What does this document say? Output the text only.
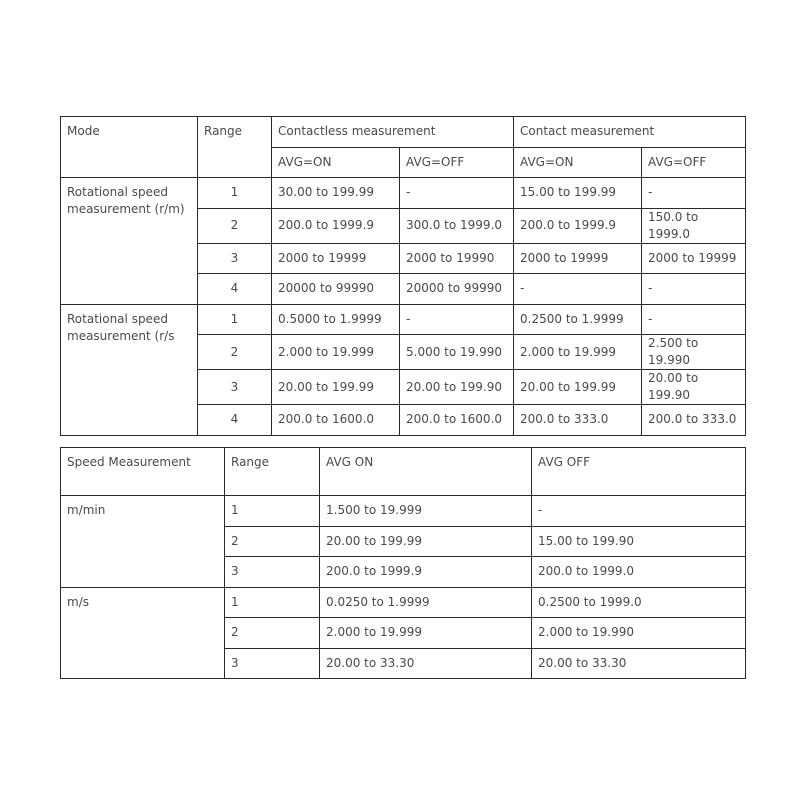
Mode	Range	Contactless measurement		Contact measurement	
		AVG=ON	AVG=OFF	AVG=ON	AVG=OFF
Rotational speed measurement (r/m)	1	30.00 to 199.99	-	15.00 to 199.99	-
	2	200.0 to 1999.9	300.0 to 1999.0	200.0 to 1999.9	150.0 to 1999.0
	3	2000 to 19999	2000 to 19990	2000 to 19999	2000 to 19999
	4	20000 to 99990	20000 to 99990	-	-
Rotational speed measurement (r/s	1	0.5000 to 1.9999	-	0.2500 to 1.9999	-
	2	2.000 to 19.999	5.000 to 19.990	2.000 to 19.999	2.500 to 19.990
	3	20.00 to 199.99	20.00 to 199.90	20.00 to 199.99	20.00 to 199.90
	4	200.0 to 1600.0	200.0 to 1600.0	200.0 to 333.0	200.0 to 333.0
Speed Measurement	Range	AVG ON	AVG OFF
m/min	1	1.500 to 19.999	-
	2	20.00 to 199.99	15.00 to 199.90
	3	200.0 to 1999.9	200.0 to 1999.0
m/s	1	0.0250 to 1.9999	0.2500 to 1999.0
	2	2.000 to 19.999	2.000 to 19.990
	3	20.00 to 33.30	20.00 to 33.30
